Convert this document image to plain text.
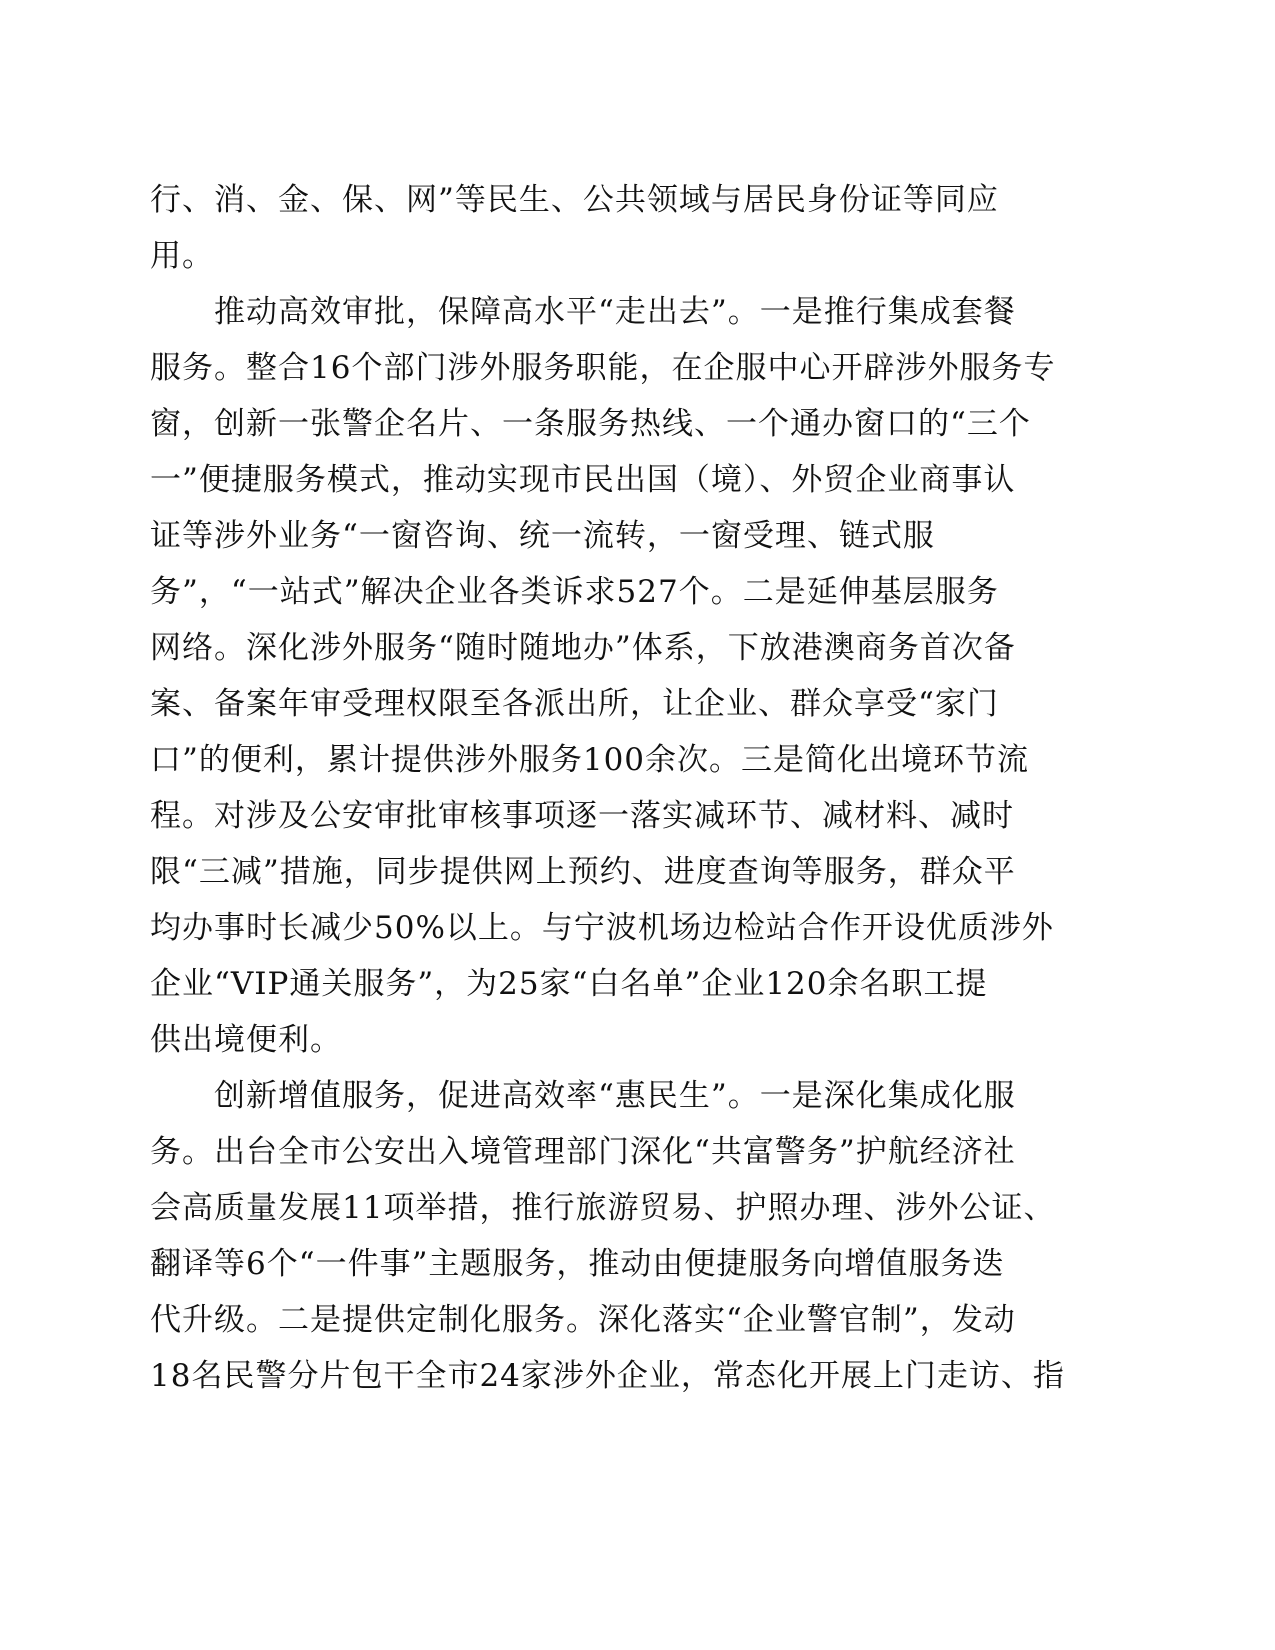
行、消、金、保、网”等民生、公共领域与居民身份证等同应
用。
推动高效审批，保障高水平“走出去”。一是推行集成套餐
服务。整合16个部门涉外服务职能，在企服中心开辟涉外服务专
窗，创新一张警企名片、一条服务热线、一个通办窗口的“三个
一”便捷服务模式，推动实现市民出国（境）、外贸企业商事认
证等涉外业务“一窗咨询、统一流转，一窗受理、链式服
务”，“一站式”解决企业各类诉求527个。二是延伸基层服务
网络。深化涉外服务“随时随地办”体系，下放港澳商务首次备
案、备案年审受理权限至各派出所，让企业、群众享受“家门
口”的便利，累计提供涉外服务100余次。三是简化出境环节流
程。对涉及公安审批审核事项逐一落实减环节、减材料、减时
限“三减”措施，同步提供网上预约、进度查询等服务，群众平
均办事时长减少50%以上。与宁波机场边检站合作开设优质涉外
企业“VIP通关服务”，为25家“白名单”企业120余名职工提
供出境便利。
创新增值服务，促进高效率“惠民生”。一是深化集成化服
务。出台全市公安出入境管理部门深化“共富警务”护航经济社
会高质量发展11项举措，推行旅游贸易、护照办理、涉外公证、
翻译等6个“一件事”主题服务，推动由便捷服务向增值服务迭
代升级。二是提供定制化服务。深化落实“企业警官制”，发动
18名民警分片包干全市24家涉外企业，常态化开展上门走访、指
